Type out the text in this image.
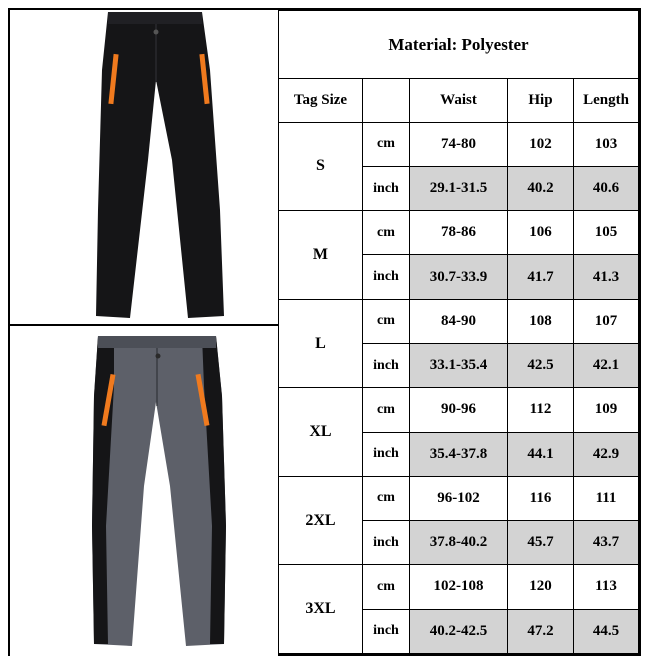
Material: Polyester				
Tag Size		Waist	Hip	Length
S	cm	74-80	102	103
	inch	29.1-31.5	40.2	40.6
M	cm	78-86	106	105
	inch	30.7-33.9	41.7	41.3
L	cm	84-90	108	107
	inch	33.1-35.4	42.5	42.1
XL	cm	90-96	112	109
	inch	35.4-37.8	44.1	42.9
2XL	cm	96-102	116	111
	inch	37.8-40.2	45.7	43.7
3XL	cm	102-108	120	113
	inch	40.2-42.5	47.2	44.5
